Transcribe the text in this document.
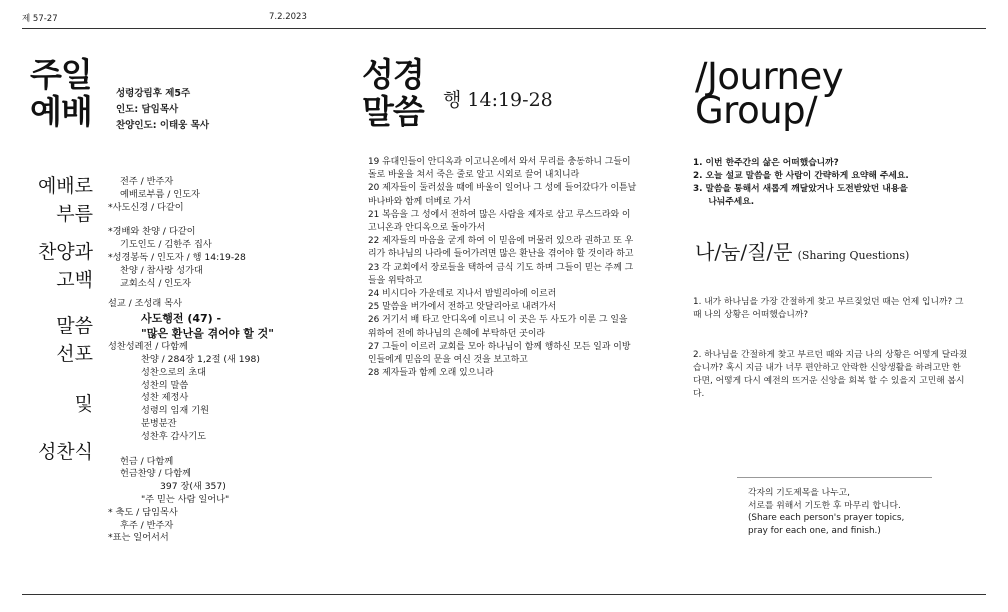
제 57-27	7.2.2023
주일
예배	성령강림후 제5주
인도: 담임목사
찬양인도: 이태웅 목사
예배로
부름
찬양과
고백
말씀
선포
및
성찬식
전주 / 반주자
예배로부름 / 인도자
*사도신경 / 다같이
*경배와 찬양 / 다같이
기도인도 / 김한주 집사
*성경봉독 / 인도자 / 행 14:19-28
찬양 / 참사랑 성가대
교회소식 / 인도자
설교 / 조성래 목사
사도행전 (47) -
"많은 환난을 겪어야 할 것"
성찬성례전 / 다함께
찬양 / 284장 1,2절 (새 198)
성찬으로의 초대
성찬의 말씀
성찬 제정사
성령의 임재 기원
분병분잔
성찬후 감사기도
헌금 / 다함께
헌금찬양 / 다함께
397 장(새 357)
"주 믿는 사람 일어나"
* 축도 / 담임목사
후주 / 반주자
*표는 일어서서
성경
말씀 행 14:19-28
19 유대인들이 안디옥과 이고니온에서 와서 무리를 충동하니 그들이 돌로 바울을 쳐서 죽은 줄로 알고 시외로 끌어 내치니라
20 제자들이 둘러섰을 때에 바울이 일어나 그 성에 들어갔다가 이튿날 바나바와 함께 더베로 가서
21 복음을 그 성에서 전하여 많은 사람을 제자로 삼고 루스드라와 이고니온과 안디옥으로 돌아가서
22 제자들의 마음을 굳게 하여 이 믿음에 머물러 있으라 권하고 또 우리가 하나님의 나라에 들어가려면 많은 환난을 겪어야 할 것이라 하고
23 각 교회에서 장로들을 택하여 금식 기도 하며 그들이 믿는 주께 그들을 위탁하고
24 비시디아 가운데로 지나서 밤빌리아에 이르러
25 말씀을 버가에서 전하고 앗달리아로 내려가서
26 거기서 배 타고 안디옥에 이르니 이 곳은 두 사도가 이룬 그 일을 위하여 전에 하나님의 은혜에 부탁하던 곳이라
27 그들이 이르러 교회를 모아 하나님이 함께 행하신 모든 일과 이방인들에게 믿음의 문을 여신 것을 보고하고
28 제자들과 함께 오래 있으니라
/Journey
Group/
1. 이번 한주간의 삶은 어떠했습니까?
2. 오늘 설교 말씀을 한 사람이 간략하게 요약해 주세요.
3. 말씀을 통해서 새롭게 깨달았거나 도전받았던 내용을
나눠주세요.
나/눔/질/문 (Sharing Questions)
1. 내가 하나님을 가장 간절하게 찾고 부르짖었던 때는 언제 입니까? 그때 나의 상황은 어떠했습니까?
2. 하나님을 간절하게 찾고 부르던 때와 지금 나의 상황은 어떻게 달라졌습니까? 혹시 지금 내가 너무 편안하고 안락한 신앙생활을 하려고만 한다면, 어떻게 다시 예전의 뜨거운 신앙을 회복 할 수 있을지 고민해 봅시다.
각자의 기도제목을 나누고,
서로를 위해서 기도한 후 마무리 합니다.
(Share each person's prayer topics,
pray for each one, and finish.)
